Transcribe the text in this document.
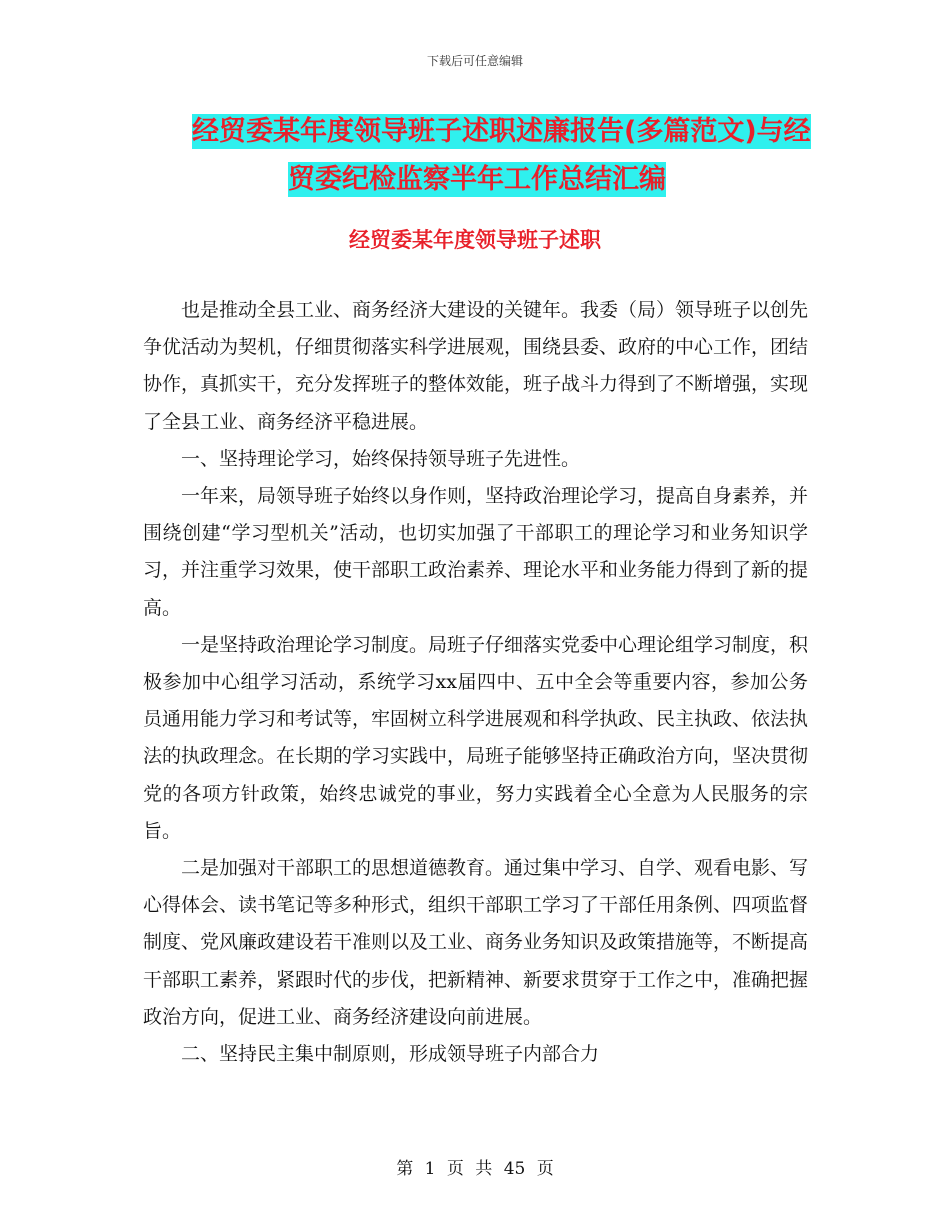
下载后可任意编辑
经贸委某年度领导班子述职述廉报告(多篇范文)与经
贸委纪检监察半年工作总结汇编
经贸委某年度领导班子述职

也是推动全县工业、商务经济大建设的关键年。我委（局）领导班子以创先争优活动为契机，仔细贯彻落实科学进展观，围绕县委、政府的中心工作，团结协作，真抓实干，充分发挥班子的整体效能，班子战斗力得到了不断增强，实现了全县工业、商务经济平稳进展。

一、坚持理论学习，始终保持领导班子先进性。

一年来，局领导班子始终以身作则，坚持政治理论学习，提高自身素养，并围绕创建“学习型机关”活动，也切实加强了干部职工的理论学习和业务知识学习，并注重学习效果，使干部职工政治素养、理论水平和业务能力得到了新的提高。

一是坚持政治理论学习制度。局班子仔细落实党委中心理论组学习制度，积极参加中心组学习活动，系统学习xx届四中、五中全会等重要内容，参加公务员通用能力学习和考试等，牢固树立科学进展观和科学执政、民主执政、依法执法的执政理念。在长期的学习实践中，局班子能够坚持正确政治方向，坚决贯彻党的各项方针政策，始终忠诚党的事业，努力实践着全心全意为人民服务的宗旨。

二是加强对干部职工的思想道德教育。通过集中学习、自学、观看电影、写心得体会、读书笔记等多种形式，组织干部职工学习了干部任用条例、四项监督制度、党风廉政建设若干准则以及工业、商务业务知识及政策措施等，不断提高干部职工素养，紧跟时代的步伐，把新精神、新要求贯穿于工作之中，准确把握政治方向，促进工业、商务经济建设向前进展。

二、坚持民主集中制原则，形成领导班子内部合力

第 1 页 共 45 页
